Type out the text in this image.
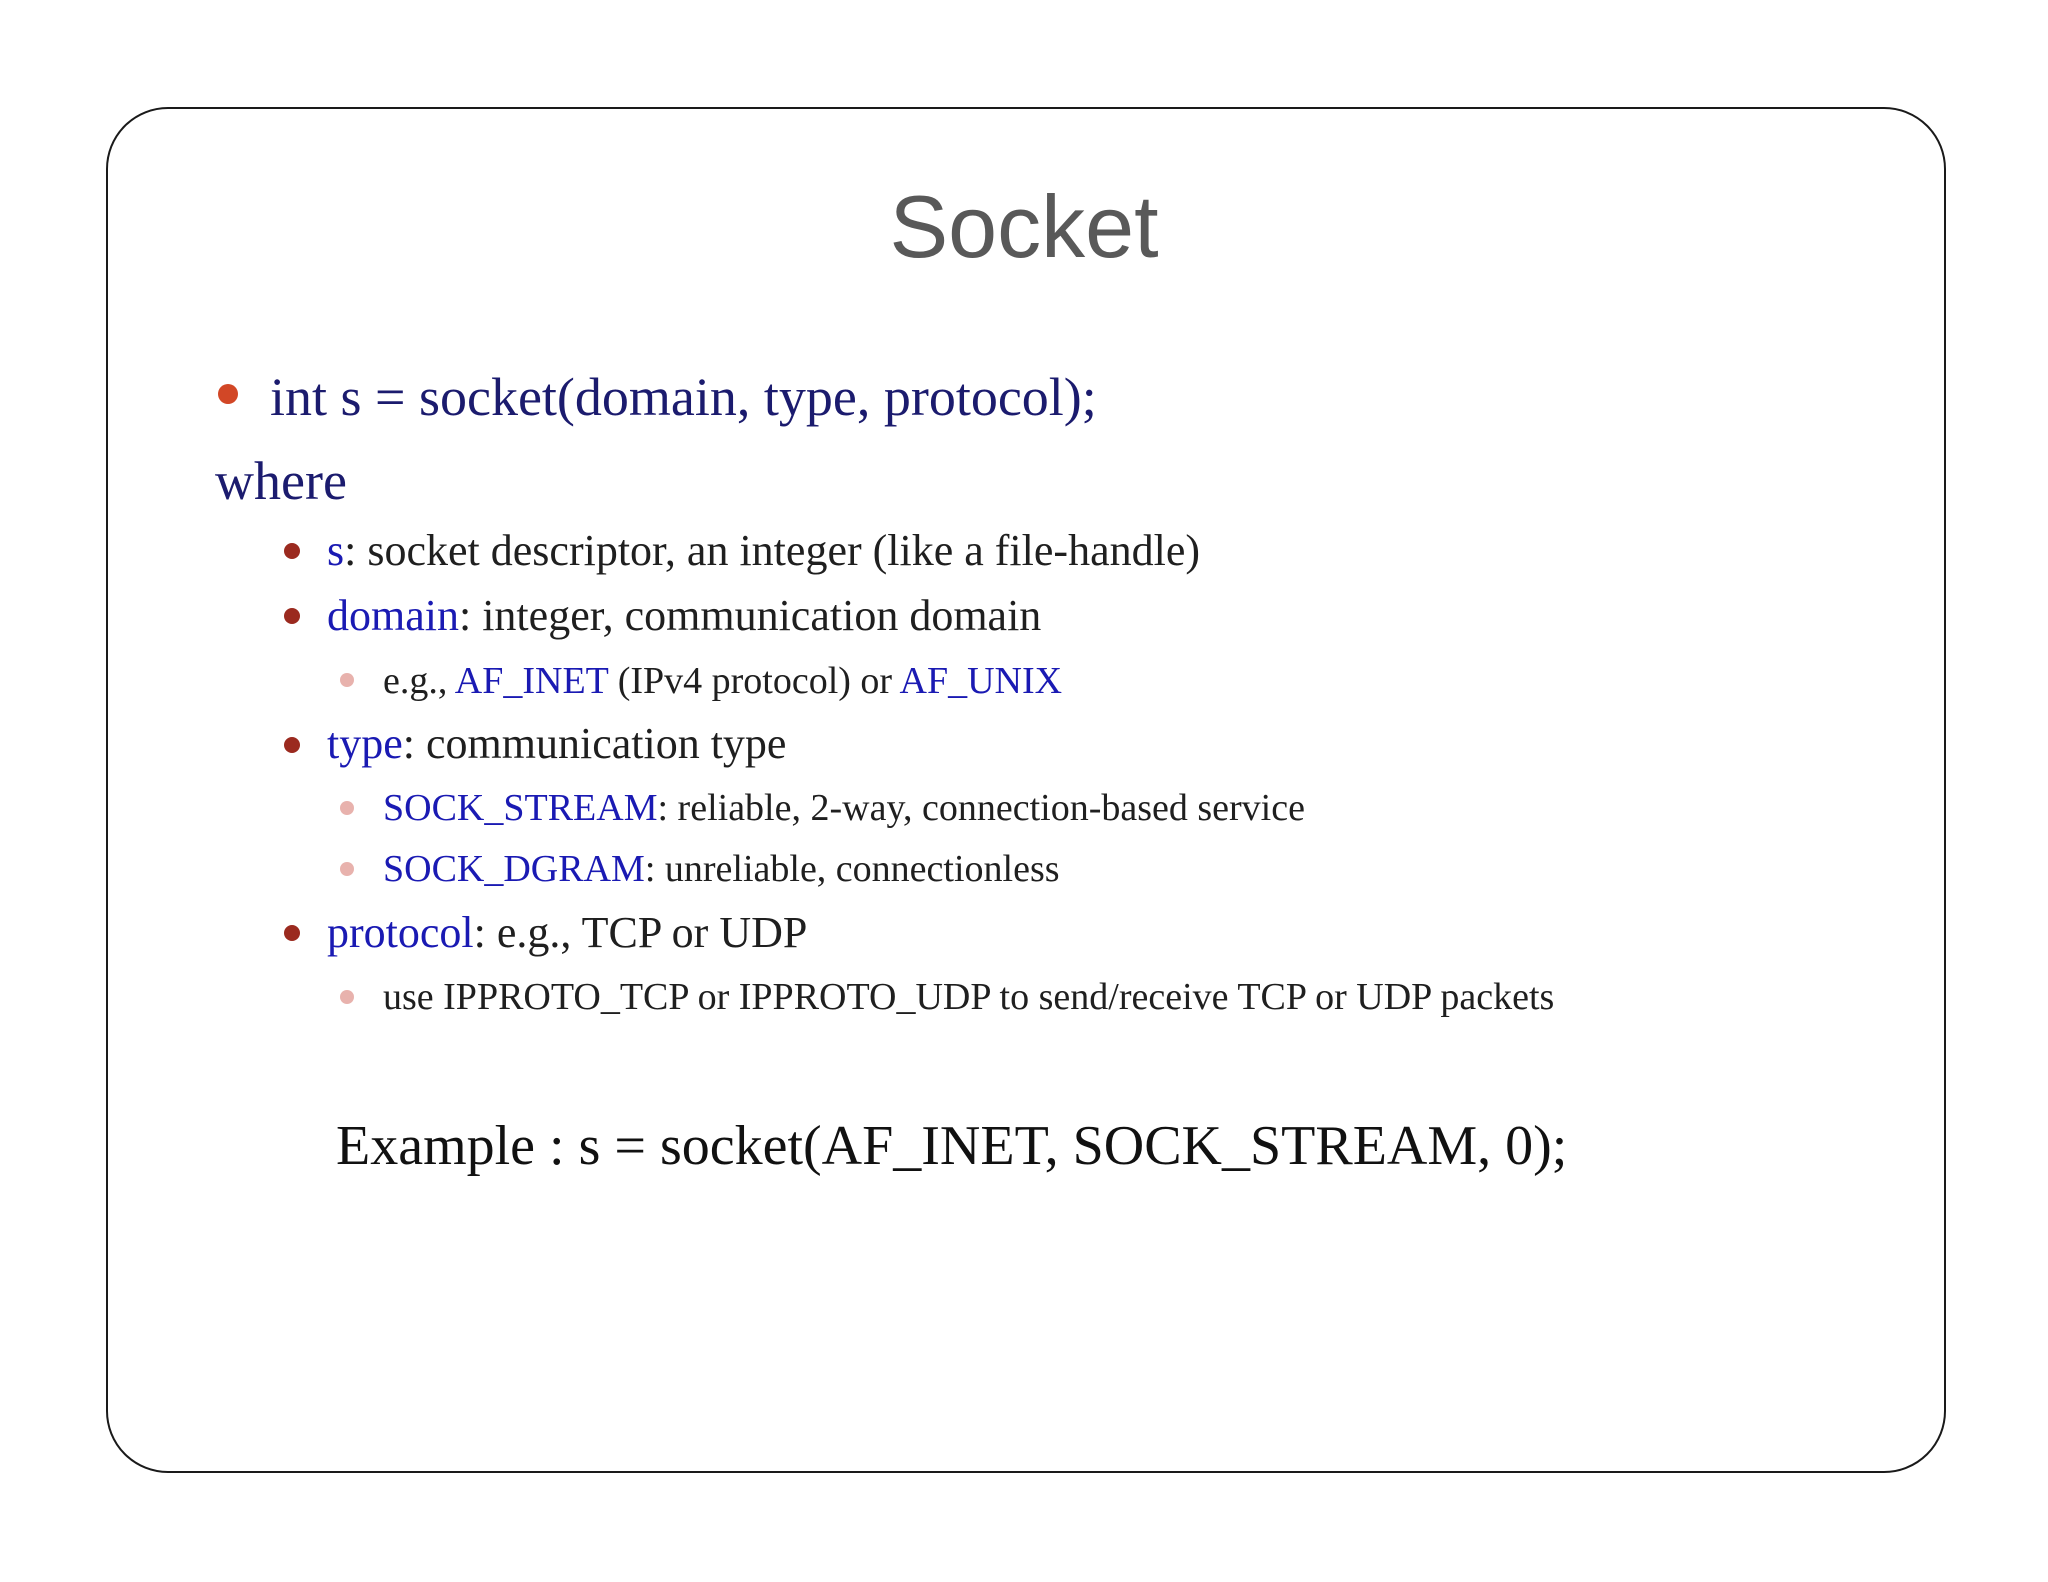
Socket
int s = socket(domain, type, protocol);
where
s: socket descriptor, an integer (like a file-handle)
domain: integer, communication domain
e.g., AF_INET (IPv4 protocol) or AF_UNIX
type: communication type
SOCK_STREAM: reliable, 2-way, connection-based service
SOCK_DGRAM: unreliable, connectionless
protocol: e.g., TCP or UDP
use IPPROTO_TCP or IPPROTO_UDP to send/receive TCP or UDP packets
Example : s = socket(AF_INET, SOCK_STREAM, 0);
